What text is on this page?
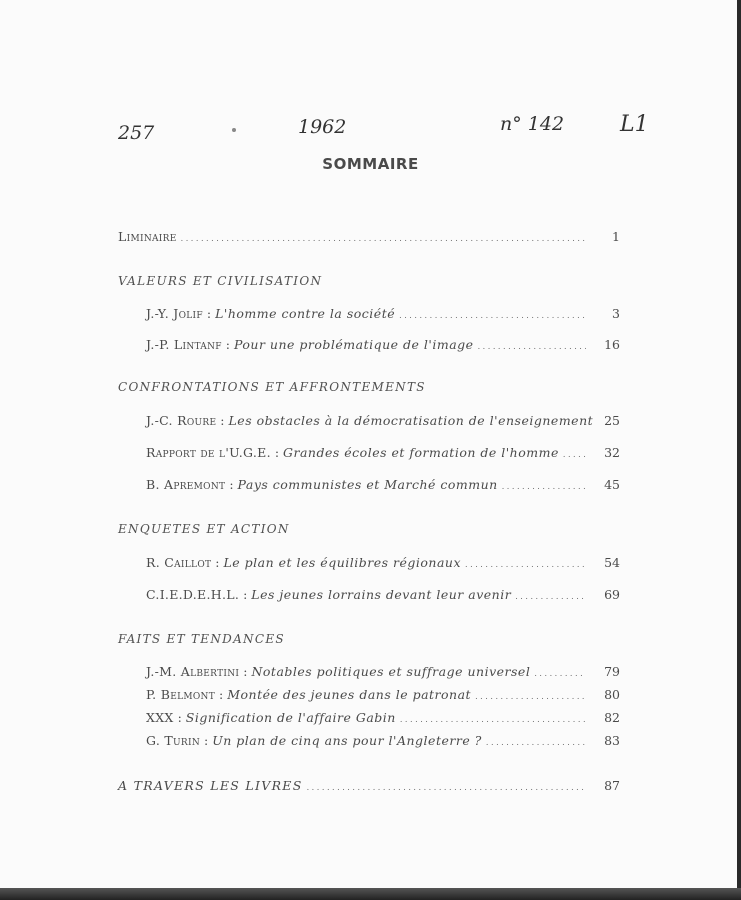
257	1962	n° 142	L1
SOMMAIRE
Liminaire . . .	1
VALEURS ET CIVILISATION
J.-Y. Jolif : L'homme contre la société . . .	3
J.-P. Lintanf : Pour une problématique de l'image . . .	16
CONFRONTATIONS ET AFFRONTEMENTS
J.-C. Roure : Les obstacles à la démocratisation de l'enseignement 25
Rapport de l'U.G.E. : Grandes écoles et formation de l'homme . . .	32
B. Apremont : Pays communistes et Marché commun . . .	45
ENQUETES ET ACTION
R. Caillot : Le plan et les équilibres régionaux . . .	54
C.I.E.D.E.H.L. : Les jeunes lorrains devant leur avenir . . .	69
FAITS ET TENDANCES
J.-M. Albertini : Notables politiques et suffrage universel . . .	79
P. Belmont : Montée des jeunes dans le patronat . . .	80
XXX : Signification de l'affaire Gabin . . .	82
G. Turin : Un plan de cinq ans pour l'Angleterre ? . . .	83
A TRAVERS LES LIVRES . . .	87
